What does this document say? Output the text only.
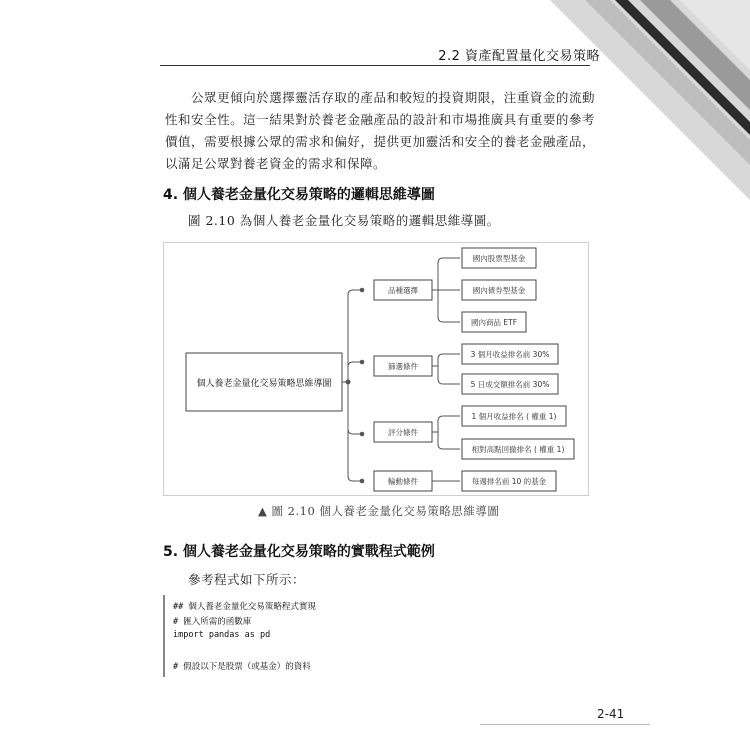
2.2 資產配置量化交易策略
公眾更傾向於選擇靈活存取的產品和較短的投資期限，注重資金的流動性和安全性。這一結果對於養老金融產品的設計和市場推廣具有重要的參考價值，需要根據公眾的需求和偏好，提供更加靈活和安全的養老金融產品，以滿足公眾對養老資金的需求和保障。
4. 個人養老金量化交易策略的邏輯思維導圖
圖 2.10 為個人養老金量化交易策略的邏輯思維導圖。
個人養老金量化交易策略思維導圖
品種選擇
國內股票型基金
國內債券型基金
國內商品 ETF
篩選條件
3 個月收益排名前 30%
5 日成交額排名前 30%
評分條件
1 個月收益排名 ( 權重 1)
相對高點回撤排名 ( 權重 1)
輪動條件	每週排名前 10 的基金
▲ 圖 2.10 個人養老金量化交易策略思維導圖
5. 個人養老金量化交易策略的實戰程式範例
參考程式如下所示：
## 個人養老金量化交易策略程式實現
# 匯入所需的函數庫
import pandas as pd
# 假設以下是股票（或基金）的資料
2-41
